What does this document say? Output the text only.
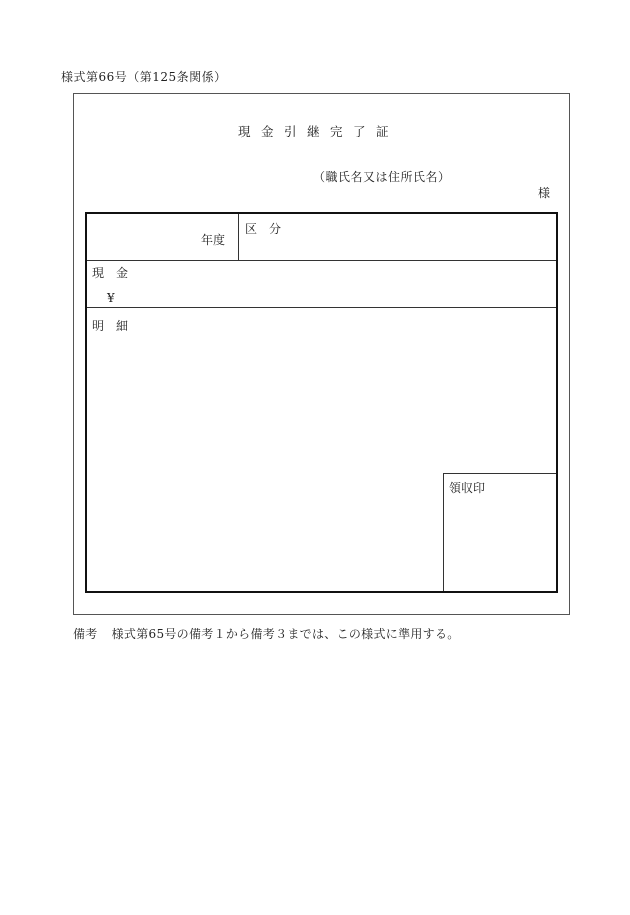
様式第66号（第125条関係）
現金引継完了証
（職氏名又は住所氏名）
様
年度
区　分
現　金
¥
明　細
領収印
備考 様式第65号の備考１から備考３までは、この様式に準用する。
